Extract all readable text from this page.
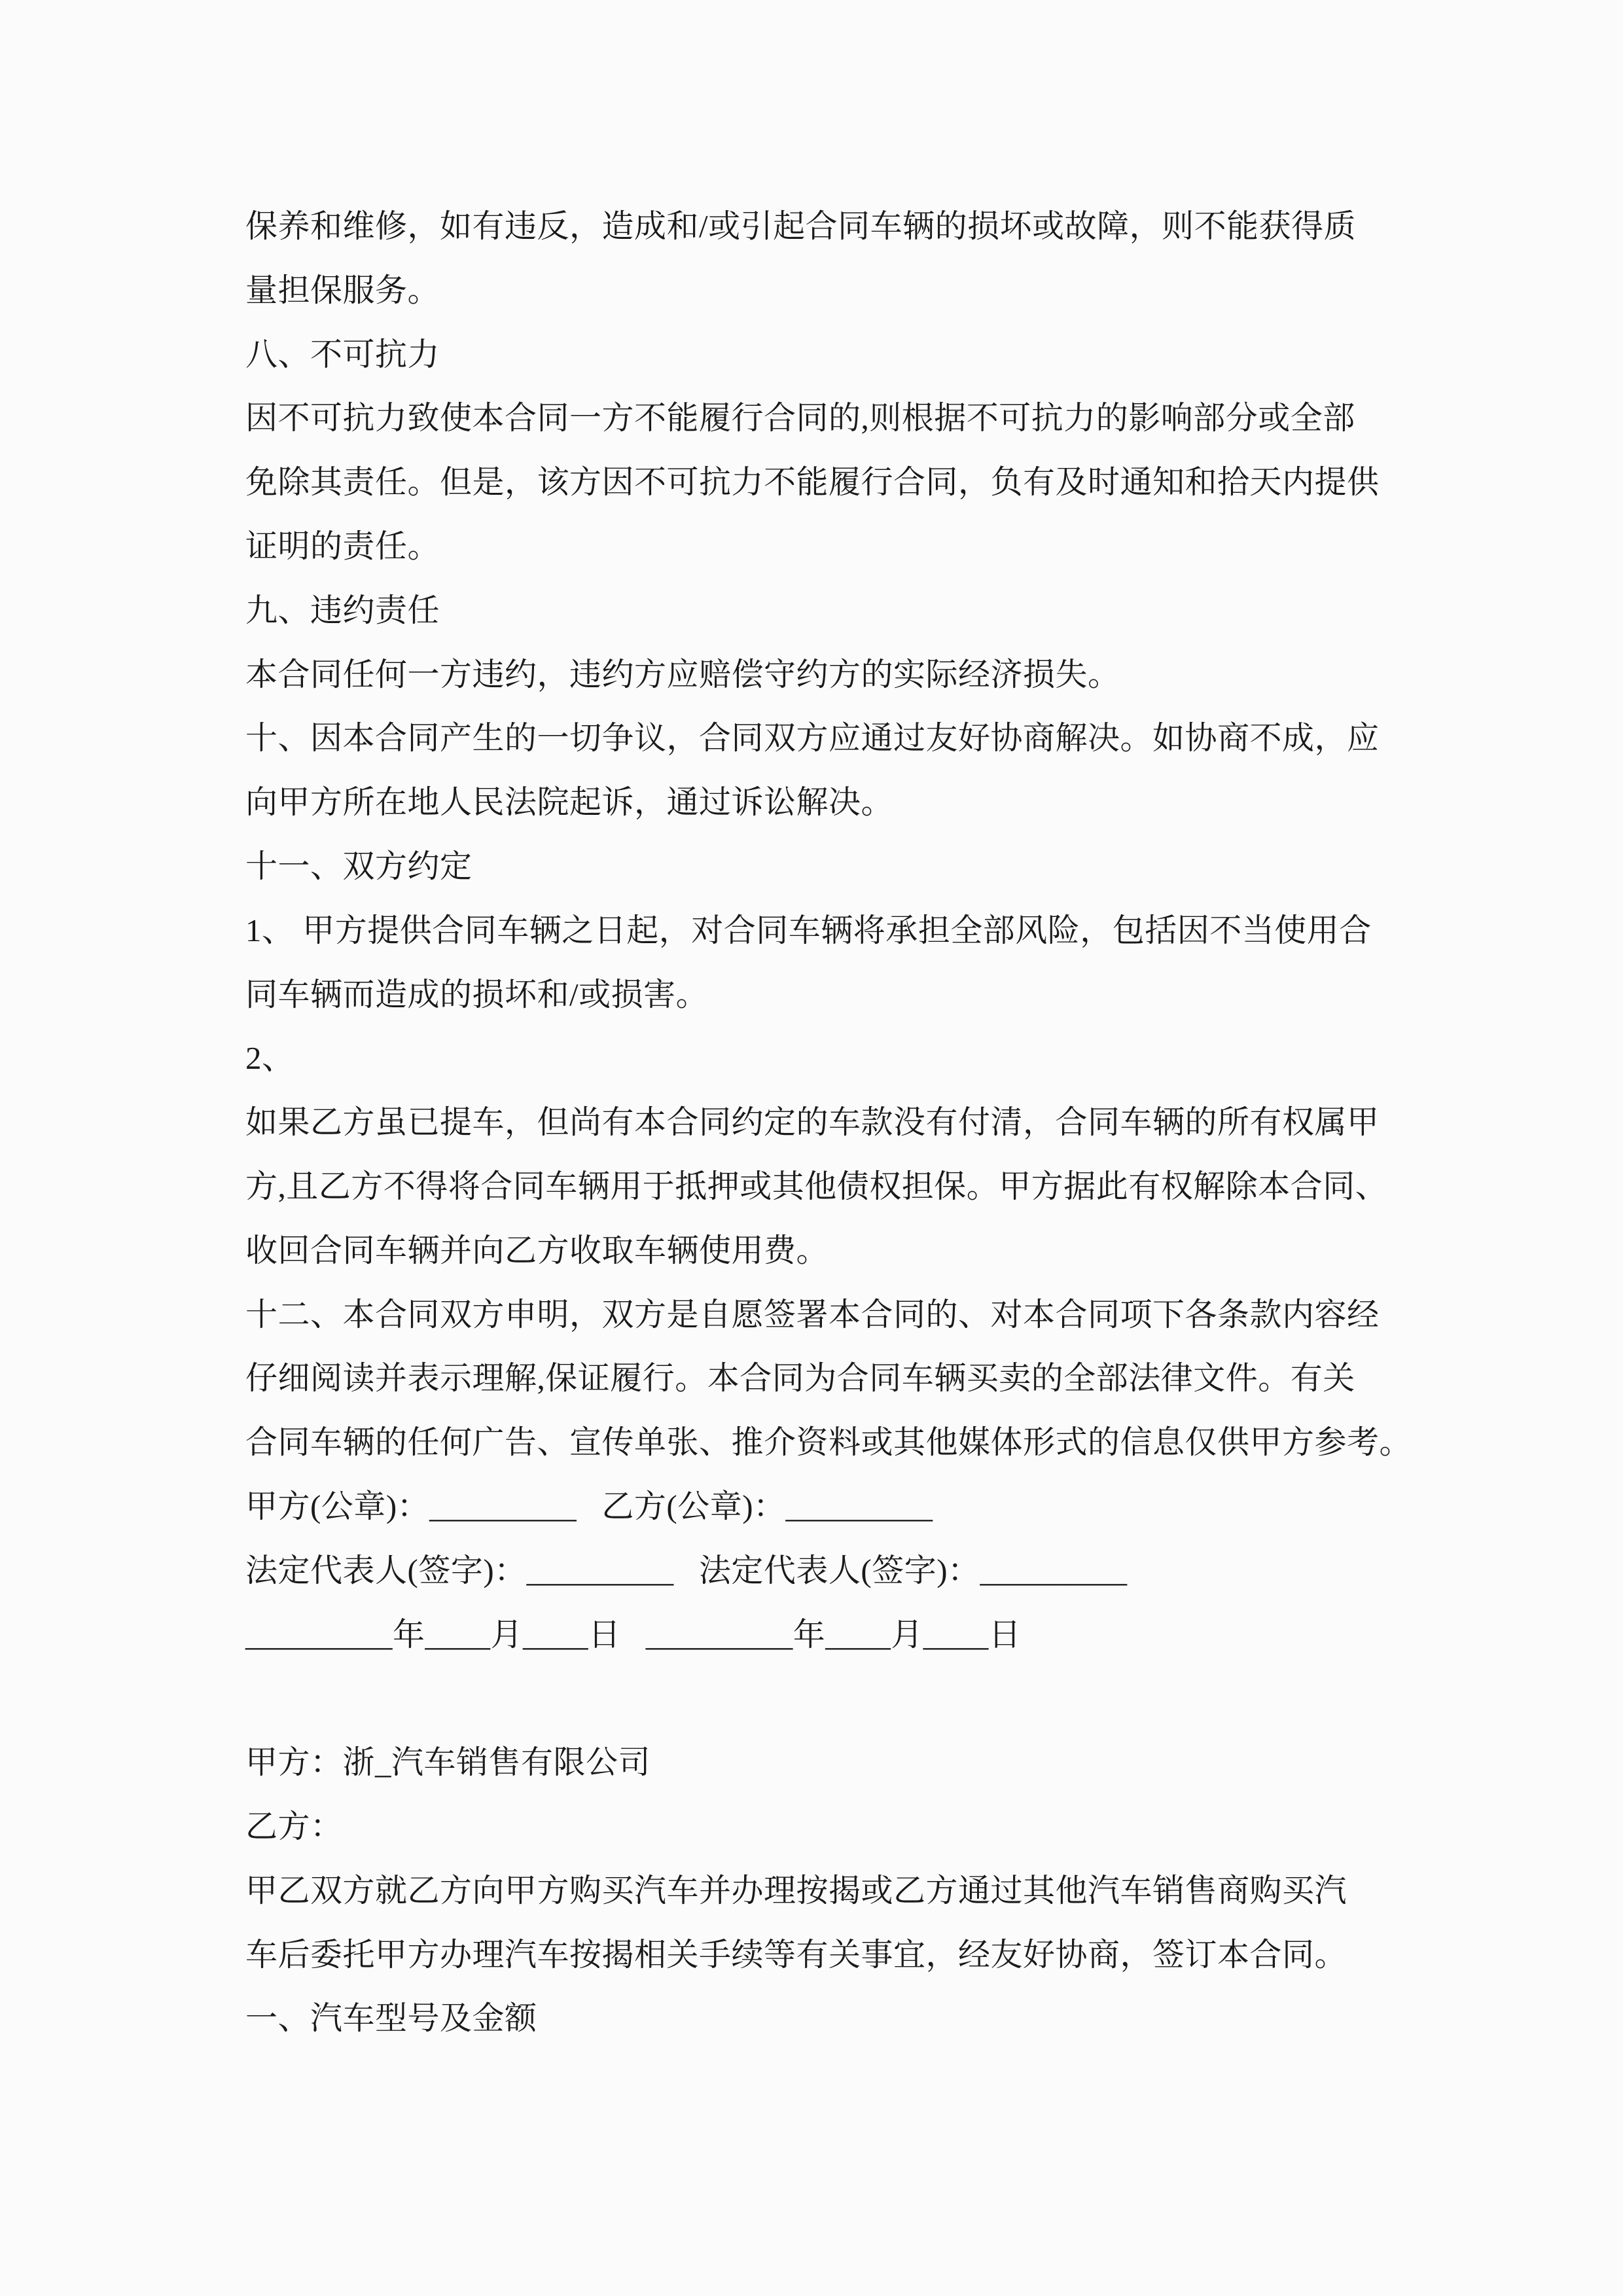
保养和维修，如有违反，造成和/或引起合同车辆的损坏或故障，则不能获得质
量担保服务。
八、不可抗力
因不可抗力致使本合同一方不能履行合同的,则根据不可抗力的影响部分或全部
免除其责任。但是，该方因不可抗力不能履行合同，负有及时通知和拾天内提供
证明的责任。
九、违约责任
本合同任何一方违约，违约方应赔偿守约方的实际经济损失。
十、因本合同产生的一切争议，合同双方应通过友好协商解决。如协商不成，应
向甲方所在地人民法院起诉，通过诉讼解决。
十一、双方约定
1、 甲方提供合同车辆之日起，对合同车辆将承担全部风险，包括因不当使用合
同车辆而造成的损坏和/或损害。
2、
如果乙方虽已提车，但尚有本合同约定的车款没有付清，合同车辆的所有权属甲
方,且乙方不得将合同车辆用于抵押或其他债权担保。甲方据此有权解除本合同、
收回合同车辆并向乙方收取车辆使用费。
十二、本合同双方申明，双方是自愿签署本合同的、对本合同项下各条款内容经
仔细阅读并表示理解,保证履行。本合同为合同车辆买卖的全部法律文件。有关
合同车辆的任何广告、宣传单张、推介资料或其他媒体形式的信息仅供甲方参考。
甲方(公章)：_________   乙方(公章)：_________
法定代表人(签字)：_________   法定代表人(签字)：_________
_________年____月____日   _________年____月____日
甲方：浙_汽车销售有限公司
乙方：
甲乙双方就乙方向甲方购买汽车并办理按揭或乙方通过其他汽车销售商购买汽
车后委托甲方办理汽车按揭相关手续等有关事宜，经友好协商，签订本合同。
一、汽车型号及金额
